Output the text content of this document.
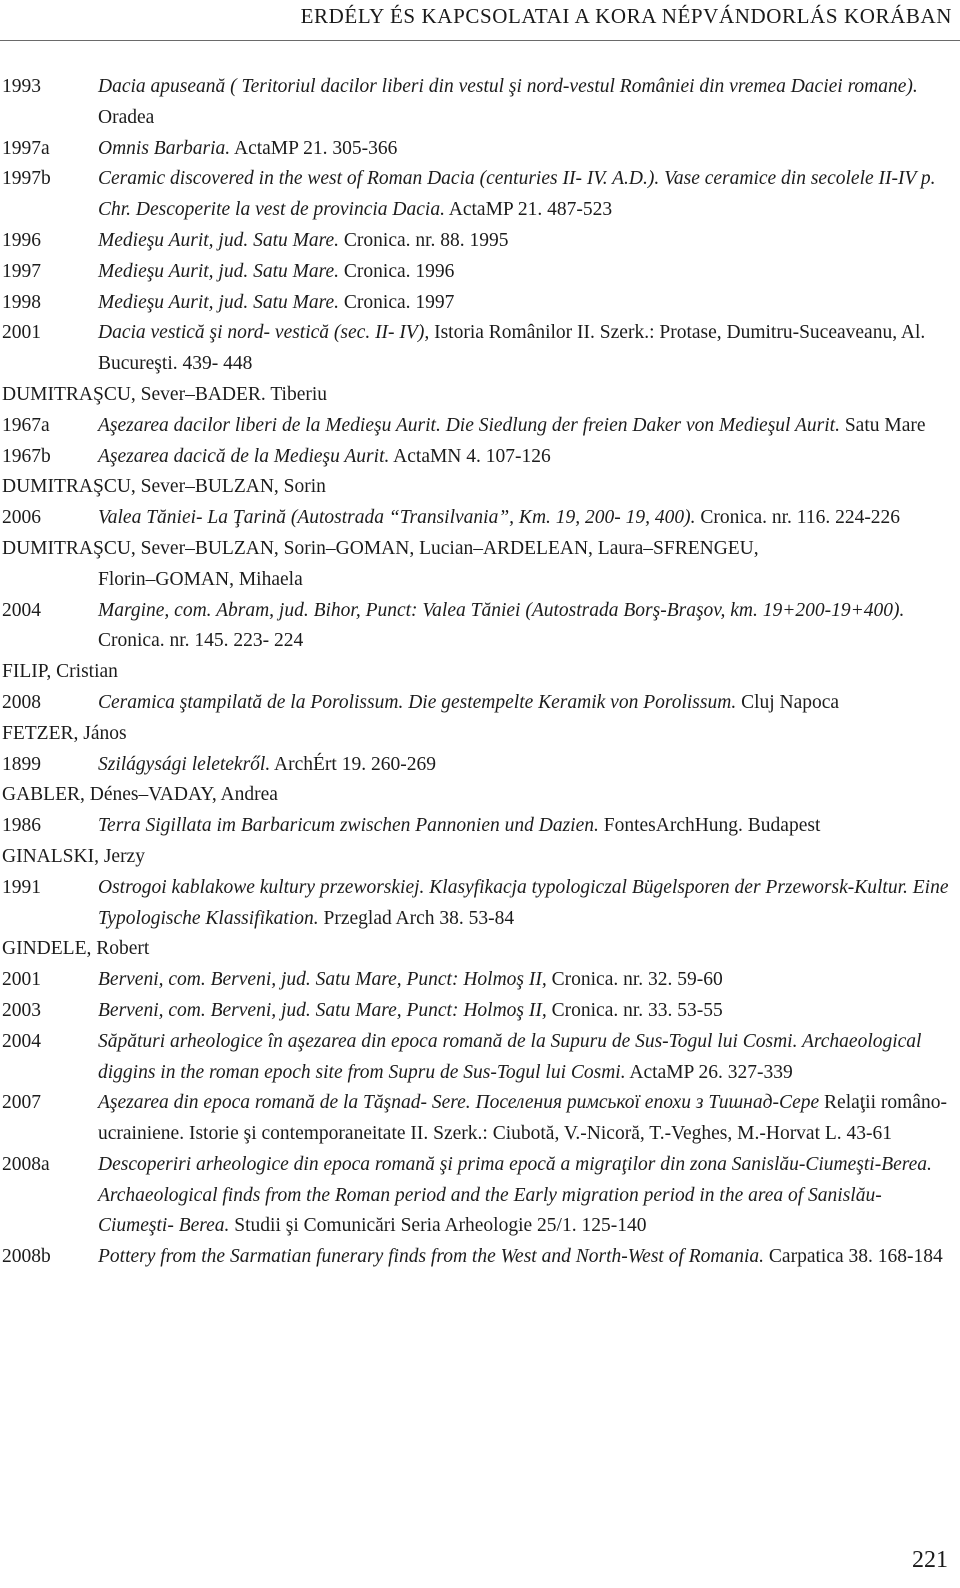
ERDÉLY ÉS KAPCSOLATAI A KORA NÉPVÁNDORLÁS KORÁBAN
1993	Dacia apuseană ( Teritoriul dacilor liberi din vestul şi nord-vestul României din vremea Daciei romane). Oradea
1997a	Omnis Barbaria. ActaMP 21. 305-366
1997b	Ceramic discovered in the west of Roman Dacia (centuries II- IV. A.D.). Vase ceramice din secolele II-IV p. Chr. Descoperite la vest de provincia Dacia. ActaMP 21. 487-523
1996	Medieşu Aurit, jud. Satu Mare. Cronica. nr. 88. 1995
1997	Medieşu Aurit, jud. Satu Mare. Cronica. 1996
1998	Medieşu Aurit, jud. Satu Mare. Cronica. 1997
2001	Dacia vestică şi nord- vestică (sec. II- IV), Istoria Românilor II. Szerk.: Protase, Dumitru-Suceaveanu, Al. Bucureşti. 439- 448
DUMITRAŞCU, Sever–BADER. Tiberiu
1967a	Aşezarea dacilor liberi de la Medieşu Aurit. Die Siedlung der freien Daker von Medieşul Aurit. Satu Mare
1967b	Aşezarea dacică de la Medieşu Aurit. ActaMN 4. 107-126
DUMITRAŞCU, Sever–BULZAN, Sorin
2006	Valea Tăniei- La Ţarină (Autostrada “Transilvania”, Km. 19, 200- 19, 400). Cronica. nr. 116. 224-226
DUMITRAŞCU, Sever–BULZAN, Sorin–GOMAN, Lucian–ARDELEAN, Laura–SFRENGEU,
Florin–GOMAN, Mihaela
2004	Margine, com. Abram, jud. Bihor, Punct: Valea Tăniei (Autostrada Borş-Braşov, km. 19+200-19+400). Cronica. nr. 145. 223- 224
FILIP, Cristian
2008	Ceramica ştampilată de la Porolissum. Die gestempelte Keramik von Porolissum. Cluj Napoca
FETZER, János
1899	Szilágysági leletekről. ArchÉrt 19. 260-269
GABLER, Dénes–VADAY, Andrea
1986	Terra Sigillata im Barbaricum zwischen Pannonien und Dazien. FontesArchHung. Budapest
GINALSKI, Jerzy
1991	Ostrogoi kablakowe kultury przeworskiej. Klasyfikacja typologiczal Bügelsporen der Przeworsk-Kultur. Eine Typologische Klassifikation. Przeglad Arch 38. 53-84
GINDELE, Robert
2001	Berveni, com. Berveni, jud. Satu Mare, Punct: Holmoş II, Cronica. nr. 32. 59-60
2003	Berveni, com. Berveni, jud. Satu Mare, Punct: Holmoş II, Cronica. nr. 33. 53-55
2004	Săpături arheologice în aşezarea din epoca romană de la Supuru de Sus-Togul lui Cosmi. Archaeological diggins in the roman epoch site from Supru de Sus-Togul lui Cosmi. ActaMP 26. 327-339
2007	Aşezarea din epoca romană de la Tăşnad- Sere. Поселения римської епохи з Тишнад-Сере Relaţii româno- ucrainiene. Istorie şi contemporaneitate II. Szerk.: Ciubotă, V.-Nicoră, T.-Veghes, M.-Horvat L. 43-61
2008a	Descoperiri arheologice din epoca romană şi prima epocă a migraţilor din zona Sanislău-Ciumeşti-Berea. Archaeological finds from the Roman period and the Early migration period in the area of Sanislău- Ciumeşti- Berea. Studii şi Comunicări Seria Arheologie 25/1. 125-140
2008b	Pottery from the Sarmatian funerary finds from the West and North-West of Romania. Carpatica 38. 168-184
221
